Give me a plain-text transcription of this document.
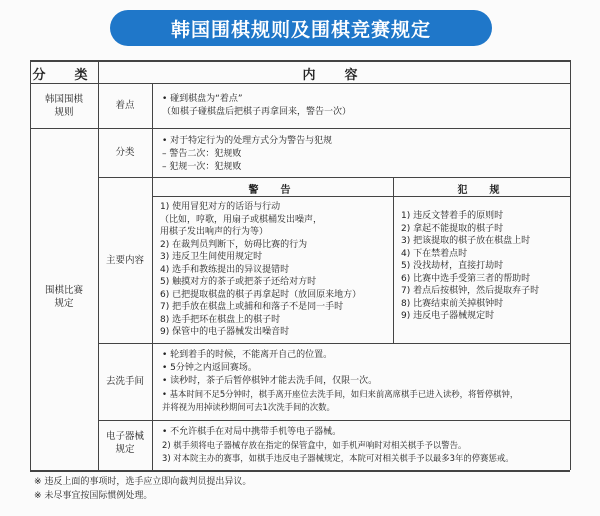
韩国围棋规则及围棋竞赛规定
分　类	内　容
韩国围棋规则
着点
• 碰到棋盘为“着点”
（如棋子碰棋盘后把棋子再拿回来，警告一次）
围棋比赛规定
分类
• 对于特定行为的处理方式分为警告与犯规
– 警告二次：犯规败
– 犯规一次：犯规败
主要内容
警　告	犯　规
1) 使用冒犯对方的话语与行动
（比如，哼歌，用扇子或棋桶发出噪声，
用棋子发出响声的行为等）
2) 在裁判员判断下，妨碍比赛的行为
3) 违反卫生间使用规定时
4) 选手和教练提出的异议提错时
5) 触摸对方的茶子或把茶子还给对方时
6) 已把提取棋盘的棋子再拿起时（放回原来地方）
7) 把手放在棋盘上或捕和和落子不是同一手时
8) 选手把环在棋盘上的棋子时
9) 保管中的电子器械发出噪音时
1) 违反文替着手的原则时
2) 拿起不能提取的棋子时
3) 把该提取的棋子放在棋盘上时
4) 下在禁着点时
5) 没找劫材，直接打劫时
6) 比赛中选手受第三者的帮助时
7) 着点后按棋钟，然后提取弃子时
8) 比赛结束前关掉棋钟时
9) 违反电子器械规定时
去洗手间
• 轮到着手的时候，不能离开自己的位置。
• 5分钟之内返回赛场。
• 读秒时，茶子后暂停棋钟才能去洗手间，仅限一次。
• 基本时间不足5分钟时，棋手离开座位去洗手间，如归来前离席棋手已进入读秒，将暂停棋钟，
并将视为用掉读秒期间可去1次洗手间的次数。
电子器械规定
• 不允许棋手在对局中携带手机等电子器械。
2) 棋手须将电子器械存放在指定的保管盒中，如手机声响时对相关棋手予以警告。
3) 对本院主办的赛事，如棋手违反电子器械规定，本院可对相关棋手予以最多3年的停赛惩戒。
※ 违反上面的事项时，选手应立即向裁判员提出异议。
※ 未尽事宜按国际惯例处理。
